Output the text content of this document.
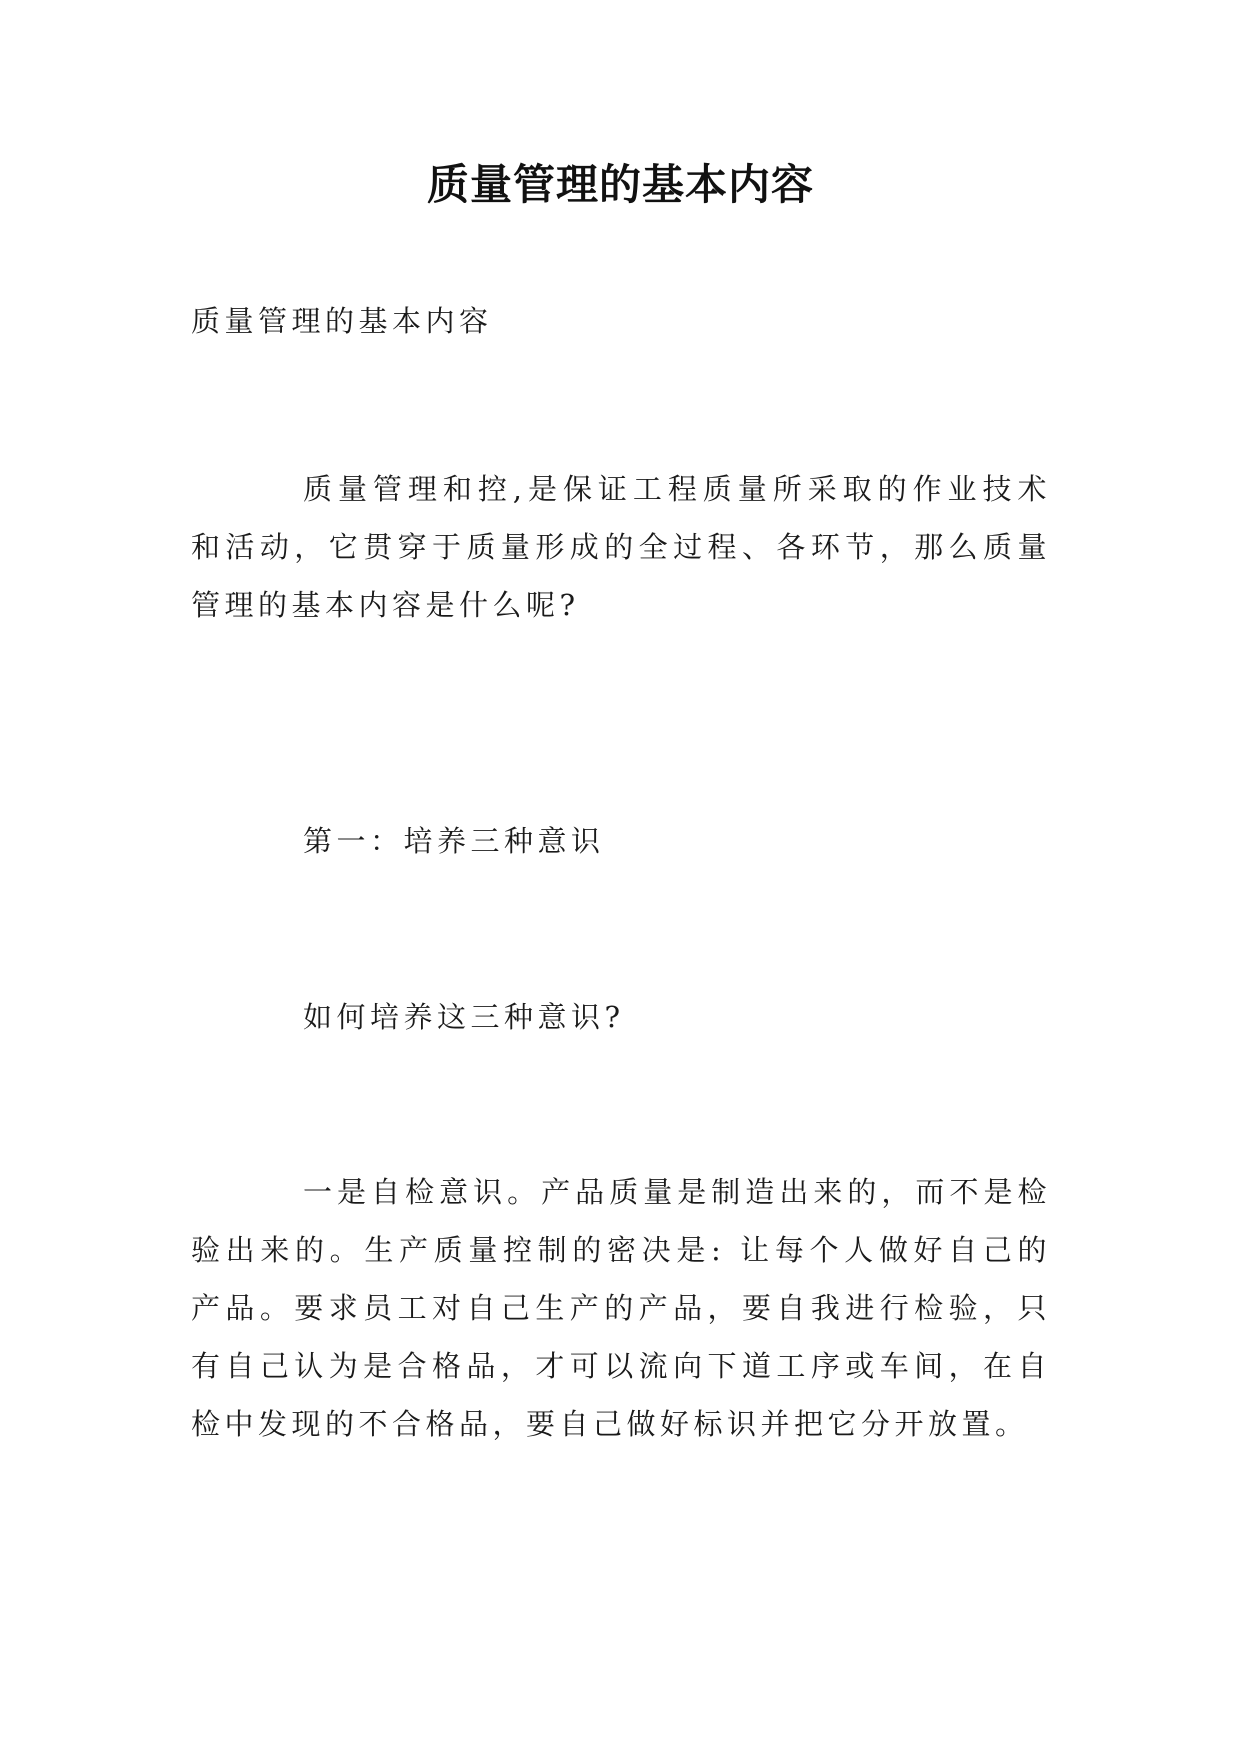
质量管理的基本内容

质量管理的基本内容

质量管理和控,是保证工程质量所采取的作业技术和活动，它贯穿于质量形成的全过程、各环节，那么质量管理的基本内容是什么呢?

第一：培养三种意识

如何培养这三种意识?

一是自检意识。产品质量是制造出来的，而不是检验出来的。生产质量控制的密决是: 让每个人做好自己的产品。要求员工对自己生产的产品，要自我进行检验，只有自己认为是合格品，才可以流向下道工序或车间，在自检中发现的不合格品，要自己做好标识并把它分开放置。
